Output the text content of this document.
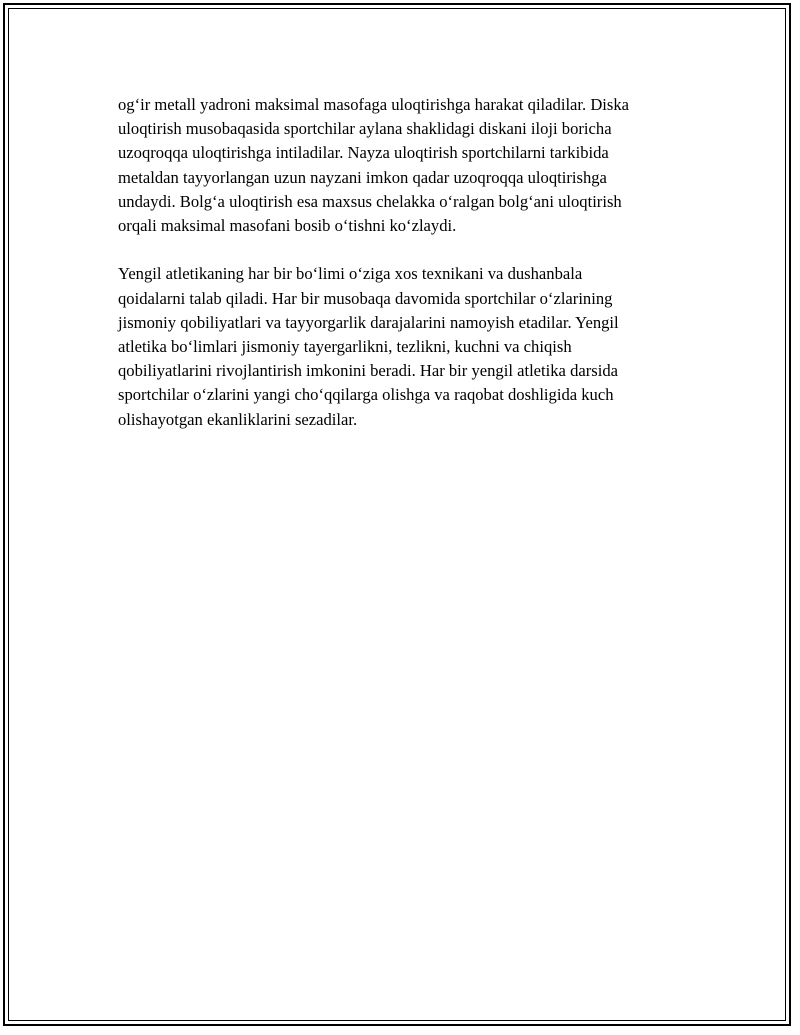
og‘ir metall yadroni maksimal masofaga uloqtirishga harakat qiladilar. Diska
uloqtirish musobaqasida sportchilar aylana shaklidagi diskani iloji boricha
uzoqroqqa uloqtirishga intiladilar. Nayza uloqtirish sportchilarni tarkibida
metaldan tayyorlangan uzun nayzani imkon qadar uzoqroqqa uloqtirishga
undaydi. Bolg‘a uloqtirish esa maxsus chelakka o‘ralgan bolg‘ani uloqtirish
orqali maksimal masofani bosib o‘tishni ko‘zlaydi.

Yengil atletikaning har bir bo‘limi o‘ziga xos texnikani va dushanbala
qoidalarni talab qiladi. Har bir musobaqa davomida sportchilar o‘zlarining
jismoniy qobiliyatlari va tayyorgarlik darajalarini namoyish etadilar. Yengil
atletika bo‘limlari jismoniy tayergarlikni, tezlikni, kuchni va chiqish
qobiliyatlarini rivojlantirish imkonini beradi. Har bir yengil atletika darsida
sportchilar o‘zlarini yangi cho‘qqilarga olishga va raqobat doshligida kuch
olishayotgan ekanliklarini sezadilar.
